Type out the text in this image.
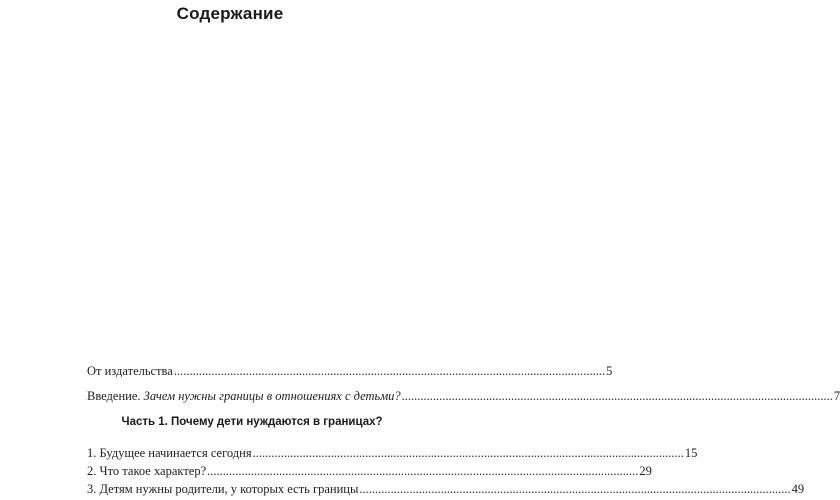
Содержание
От издательства .......................................................................................................................................... 5
Введение. Зачем нужны границы в отношениях с детьми? .......................................................................................................................................... 7
Часть 1. Почему дети нуждаются в границах?
1. Будущее начинается сегодня .......................................................................................................................................... 15
2. Что такое характер? .......................................................................................................................................... 29
3. Детям нужны родители, у которых есть границы .......................................................................................................................................... 49
